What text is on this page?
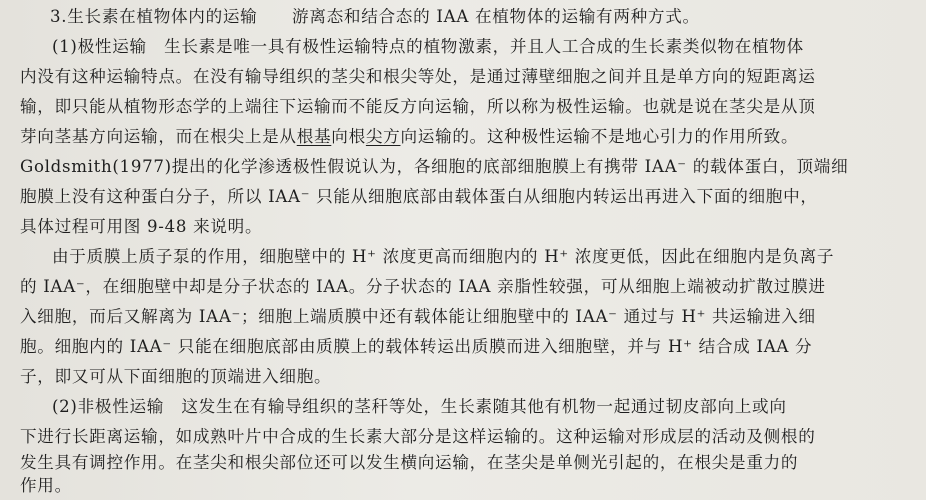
3.生长素在植物体内的运输　　游离态和结合态的 IAA 在植物体的运输有两种方式。
(1)极性运输　生长素是唯一具有极性运输特点的植物激素，并且人工合成的生长素类似物在植物体
内没有这种运输特点。在没有输导组织的茎尖和根尖等处，是通过薄壁细胞之间并且是单方向的短距离运
输，即只能从植物形态学的上端往下运输而不能反方向运输，所以称为极性运输。也就是说在茎尖是从顶
芽向茎基方向运输，而在根尖上是从根基向根尖方向运输的。这种极性运输不是地心引力的作用所致。
Goldsmith(1977)提出的化学渗透极性假说认为，各细胞的底部细胞膜上有携带 IAA⁻ 的载体蛋白，顶端细
胞膜上没有这种蛋白分子，所以 IAA⁻ 只能从细胞底部由载体蛋白从细胞内转运出再进入下面的细胞中，
具体过程可用图 9-48 来说明。
由于质膜上质子泵的作用，细胞壁中的 H⁺ 浓度更高而细胞内的 H⁺ 浓度更低，因此在细胞内是负离子
的 IAA⁻，在细胞壁中却是分子状态的 IAA。分子状态的 IAA 亲脂性较强，可从细胞上端被动扩散过膜进
入细胞，而后又解离为 IAA⁻；细胞上端质膜中还有载体能让细胞壁中的 IAA⁻ 通过与 H⁺ 共运输进入细
胞。细胞内的 IAA⁻ 只能在细胞底部由质膜上的载体转运出质膜而进入细胞壁，并与 H⁺ 结合成 IAA 分
子，即又可从下面细胞的顶端进入细胞。
(2)非极性运输　这发生在有输导组织的茎秆等处，生长素随其他有机物一起通过韧皮部向上或向
下进行长距离运输，如成熟叶片中合成的生长素大部分是这样运输的。这种运输对形成层的活动及侧根的
发生具有调控作用。在茎尖和根尖部位还可以发生横向运输，在茎尖是单侧光引起的，在根尖是重力的
作用。
